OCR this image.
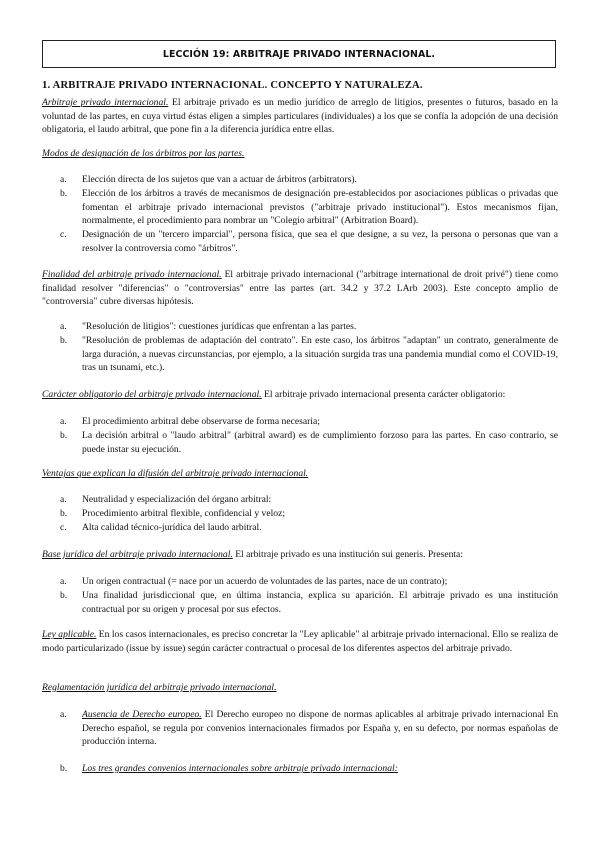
LECCIÓN 19: ARBITRAJE PRIVADO INTERNACIONAL.
1. ARBITRAJE PRIVADO INTERNACIONAL. CONCEPTO Y NATURALEZA.
Arbitraje privado internacional. El arbitraje privado es un medio jurídico de arreglo de litigios, presentes o futuros, basado en la voluntad de las partes, en cuya virtud éstas eligen a simples particulares (individuales) a los que se confía la adopción de una decisión obligatoria, el laudo arbitral, que pone fin a la diferencia jurídica entre ellas.
Modos de designación de los árbitros por las partes.
a.	Elección directa de los sujetos que van a actuar de árbitros (arbitrators).
b.	Elección de los árbitros a través de mecanismos de designación pre-establecidos por asociaciones públicas o privadas que fomentan el arbitraje privado internacional previstos ("arbitraje privado institucional"). Estos mecanismos fijan, normalmente, el procedimiento para nombrar un "Colegio arbitral" (Arbitration Board).
c.	Designación de un "tercero imparcial", persona física, que sea el que designe, a su vez, la persona o personas que van a resolver la controversia como "árbitros".
Finalidad del arbitraje privado internacional. El arbitraje privado internacional ("arbitrage international de droit privé") tiene como finalidad resolver "diferencias" o "controversias" entre las partes (art. 34.2 y 37.2 LArb 2003). Este concepto amplio de "controversia" cubre diversas hipótesis.
a.	"Resolución de litigios": cuestiones jurídicas que enfrentan a las partes.
b.	"Resolución de problemas de adaptación del contrato". En este caso, los árbitros "adaptan" un contrato, generalmente de larga duración, a nuevas circunstancias, por ejemplo, a la situación surgida tras una pandemia mundial como el COVID-19, tras un tsunami, etc.).
Carácter obligatorio del arbitraje privado internacional. El arbitraje privado internacional presenta carácter obligatorio:
a.	El procedimiento arbitral debe observarse de forma necesaria;
b.	La decisión arbitral o "laudo arbitral" (arbitral award) es de cumplimiento forzoso para las partes. En caso contrario, se puede instar su ejecución.
Ventajas que explican la difusión del arbitraje privado internacional.
a.	Neutralidad y especialización del órgano arbitral:
b.	Procedimiento arbitral flexible, confidencial y veloz;
c.	Alta calidad técnico-jurídica del laudo arbitral.
Base jurídica del arbitraje privado internacional. El arbitraje privado es una institución sui generis. Presenta:
a.	Un origen contractual (= nace por un acuerdo de voluntades de las partes, nace de un contrato);
b.	Una finalidad jurisdiccional que, en última instancia, explica su aparición. El arbitraje privado es una institución contractual por su origen y procesal por sus efectos.
Ley aplicable. En los casos internacionales, es preciso concretar la "Ley aplicable" al arbitraje privado internacional. Ello se realiza de modo particularizado (issue by issue) según carácter contractual o procesal de los diferentes aspectos del arbitraje privado.
Reglamentación jurídica del arbitraje privado internacional.
a.	Ausencia de Derecho europeo. El Derecho europeo no dispone de normas aplicables al arbitraje privado internacional En Derecho español, se regula por convenios internacionales firmados por España y, en su defecto, por normas españolas de producción interna.
b.	Los tres grandes convenios internacionales sobre arbitraje privado internacional:
